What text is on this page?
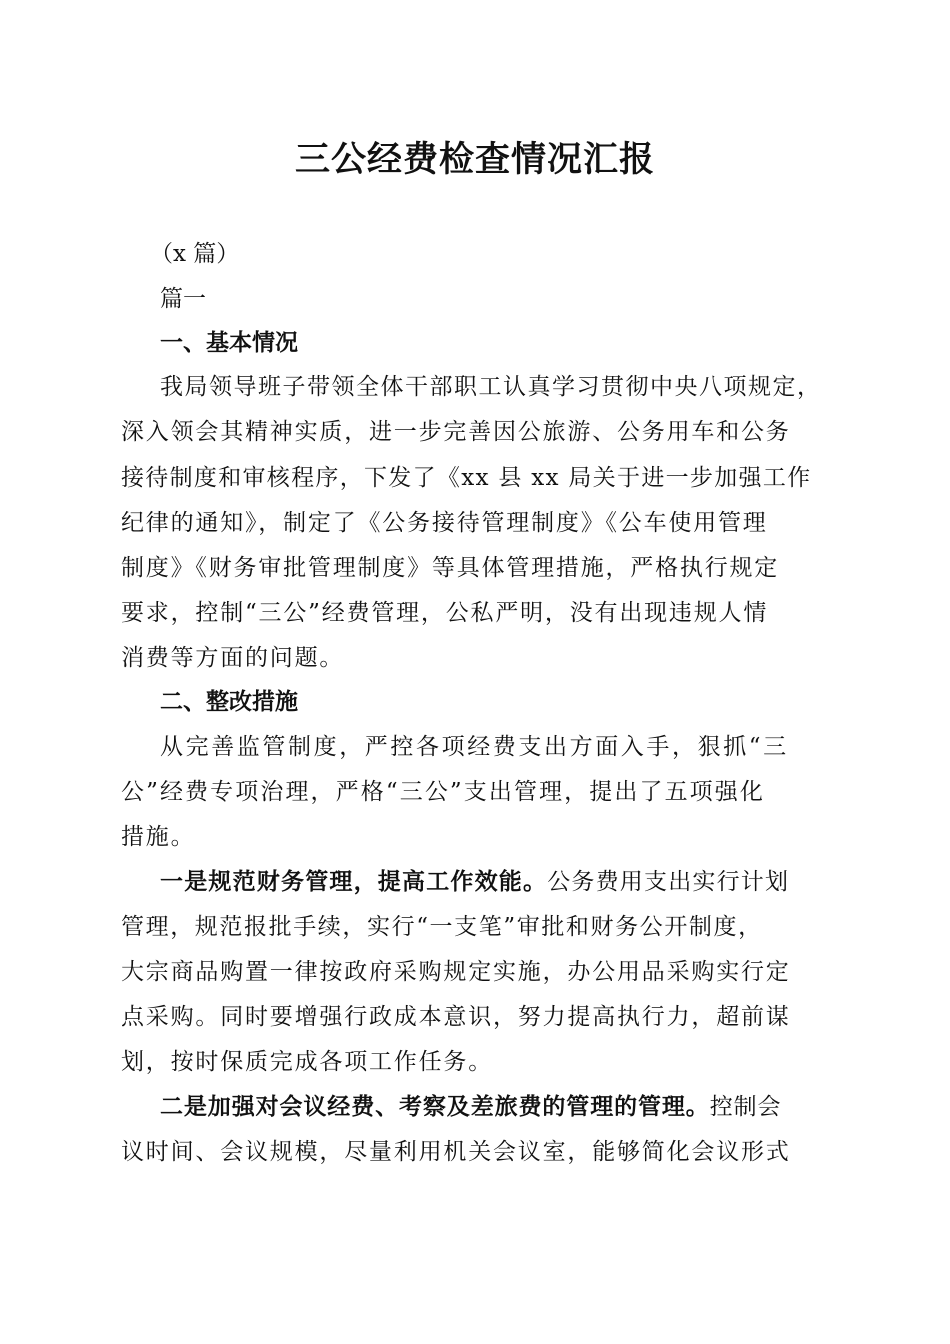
三公经费检查情况汇报
（x 篇）
篇一
一、基本情况
我局领导班子带领全体干部职工认真学习贯彻中央八项规定，
深入领会其精神实质，进一步完善因公旅游、公务用车和公务
接待制度和审核程序，下发了《xx 县 xx 局关于进一步加强工作
纪律的通知》，制定了《公务接待管理制度》《公车使用管理
制度》《财务审批管理制度》等具体管理措施，严格执行规定
要求，控制“三公”经费管理，公私严明，没有出现违规人情
消费等方面的问题。
二、整改措施
从完善监管制度，严控各项经费支出方面入手，狠抓“三
公”经费专项治理，严格“三公”支出管理，提出了五项强化
措施。
一是规范财务管理，提高工作效能。公务费用支出实行计划
管理，规范报批手续，实行“一支笔”审批和财务公开制度，
大宗商品购置一律按政府采购规定实施，办公用品采购实行定
点采购。同时要增强行政成本意识，努力提高执行力，超前谋
划，按时保质完成各项工作任务。
二是加强对会议经费、考察及差旅费的管理的管理。控制会
议时间、会议规模，尽量利用机关会议室，能够简化会议形式
